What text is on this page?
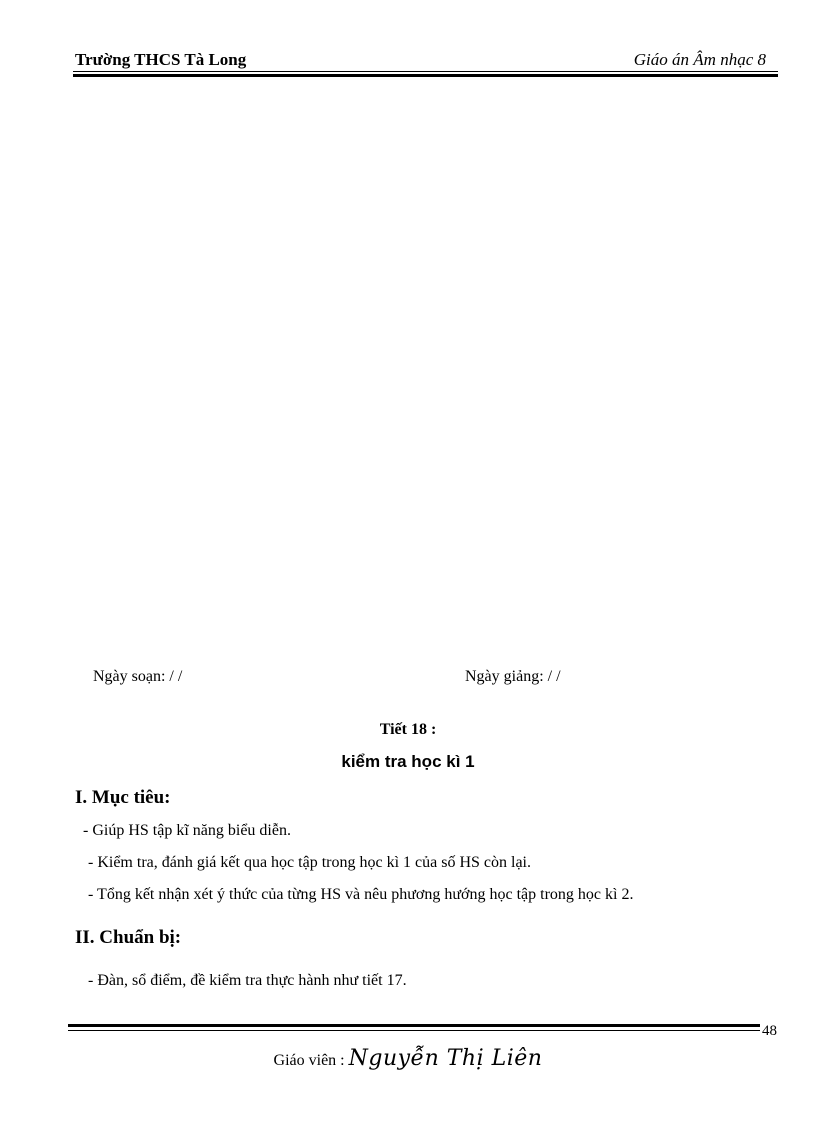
Trường THCS Tà Long	Giáo án Âm nhạc 8
Ngày soạn: / /	Ngày giảng: / /
Tiết 18 :
kiểm tra học kì 1
I. Mục tiêu:
- Giúp HS tập kĩ năng biểu diễn.
- Kiểm tra, đánh giá kết qua học tập trong học kì 1 của số HS còn lại.
- Tổng kết nhận xét ý thức của từng HS và nêu phương hướng học tập trong học kì 2.
II. Chuẩn bị:
- Đàn, sổ điểm, đề kiểm tra thực hành như tiết 17.
48
Giáo viên : Nguyễn Thị Liên
